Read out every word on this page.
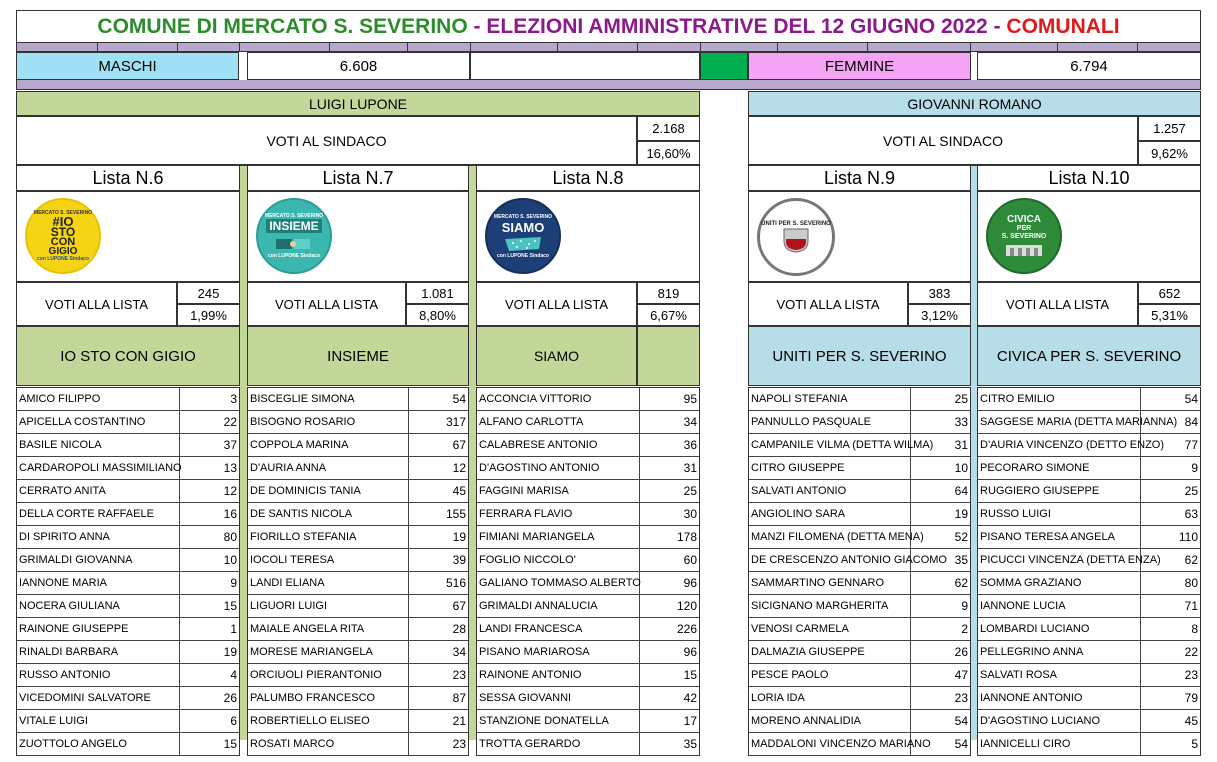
COMUNE DI MERCATO S. SEVERINO - ELEZIONI AMMINISTRATIVE DEL 12 GIUGNO 2022 - COMUNALI
MASCHI	6.608	FEMMINE	6.794
LUIGI LUPONE
VOTI AL SINDACO
2.168
16,60%
Lista N.6	Lista N.7	Lista N.8
MERCATO S. SEVERINO
#IO
STO
CON
GIGIO
con LUPONE Sindaco
MERCATO S. SEVERINO
INSIEME
con LUPONE Sindaco
MERCATO S. SEVERINO
SIAMO
con LUPONE Sindaco
VOTI ALLA LISTA
245
1,99%
VOTI ALLA LISTA
1.081
8,80%
VOTI ALLA LISTA
819
6,67%
IO STO CON GIGIO	INSIEME	SIAMO
AMICO FILIPPO	3
APICELLA COSTANTINO	22
BASILE NICOLA	37
CARDAROPOLI MASSIMILIANO	13
CERRATO ANITA	12
DELLA CORTE RAFFAELE	16
DI SPIRITO ANNA	80
GRIMALDI GIOVANNA	10
IANNONE MARIA	9
NOCERA GIULIANA	15
RAINONE GIUSEPPE	1
RINALDI BARBARA	19
RUSSO ANTONIO	4
VICEDOMINI SALVATORE	26
VITALE LUIGI	6
ZUOTTOLO ANGELO	15
BISCEGLIE SIMONA	54
BISOGNO ROSARIO	317
COPPOLA MARINA	67
D'AURIA ANNA	12
DE DOMINICIS TANIA	45
DE SANTIS NICOLA	155
FIORILLO STEFANIA	19
IOCOLI TERESA	39
LANDI ELIANA	516
LIGUORI LUIGI	67
MAIALE ANGELA RITA	28
MORESE MARIANGELA	34
ORCIUOLI PIERANTONIO	23
PALUMBO FRANCESCO	87
ROBERTIELLO ELISEO	21
ROSATI MARCO	23
ACCONCIA VITTORIO	95
ALFANO CARLOTTA	34
CALABRESE ANTONIO	36
D'AGOSTINO ANTONIO	31
FAGGINI MARISA	25
FERRARA FLAVIO	30
FIMIANI MARIANGELA	178
FOGLIO NICCOLO'	60
GALIANO TOMMASO ALBERTO	96
GRIMALDI ANNALUCIA	120
LANDI FRANCESCA	226
PISANO MARIAROSA	96
RAINONE ANTONIO	15
SESSA GIOVANNI	42
STANZIONE DONATELLA	17
TROTTA GERARDO	35
GIOVANNI ROMANO
VOTI AL SINDACO
1.257
9,62%
Lista N.9	Lista N.10
UNITI PER S. SEVERINO	CIVICA
PER
S. SEVERINO
VOTI ALLA LISTA
383
3,12%
VOTI ALLA LISTA
652
5,31%
UNITI PER S. SEVERINO	CIVICA PER S. SEVERINO
NAPOLI STEFANIA	25
PANNULLO PASQUALE	33
CAMPANILE VILMA (DETTA WILMA)	31
CITRO GIUSEPPE	10
SALVATI ANTONIO	64
ANGIOLINO SARA	19
MANZI FILOMENA (DETTA MENA)	52
DE CRESCENZO ANTONIO GIACOMO 35
SAMMARTINO GENNARO	62
SICIGNANO MARGHERITA	9
VENOSI CARMELA	2
DALMAZIA GIUSEPPE	26
PESCE PAOLO	47
LORIA IDA	23
MORENO ANNALIDIA	54
MADDALONI VINCENZO MARIANO	54
CITRO EMILIO	54
SAGGESE MARIA (DETTA MARIANNA) 84
D'AURIA VINCENZO (DETTO ENZO)	77
PECORARO SIMONE	9
RUGGIERO GIUSEPPE	25
RUSSO LUIGI	63
PISANO TERESA ANGELA	110
PICUCCI VINCENZA (DETTA ENZA)	62
SOMMA GRAZIANO	80
IANNONE LUCIA	71
LOMBARDI LUCIANO	8
PELLEGRINO ANNA	22
SALVATI ROSA	23
IANNONE ANTONIO	79
D'AGOSTINO LUCIANO	45
IANNICELLI CIRO	5
